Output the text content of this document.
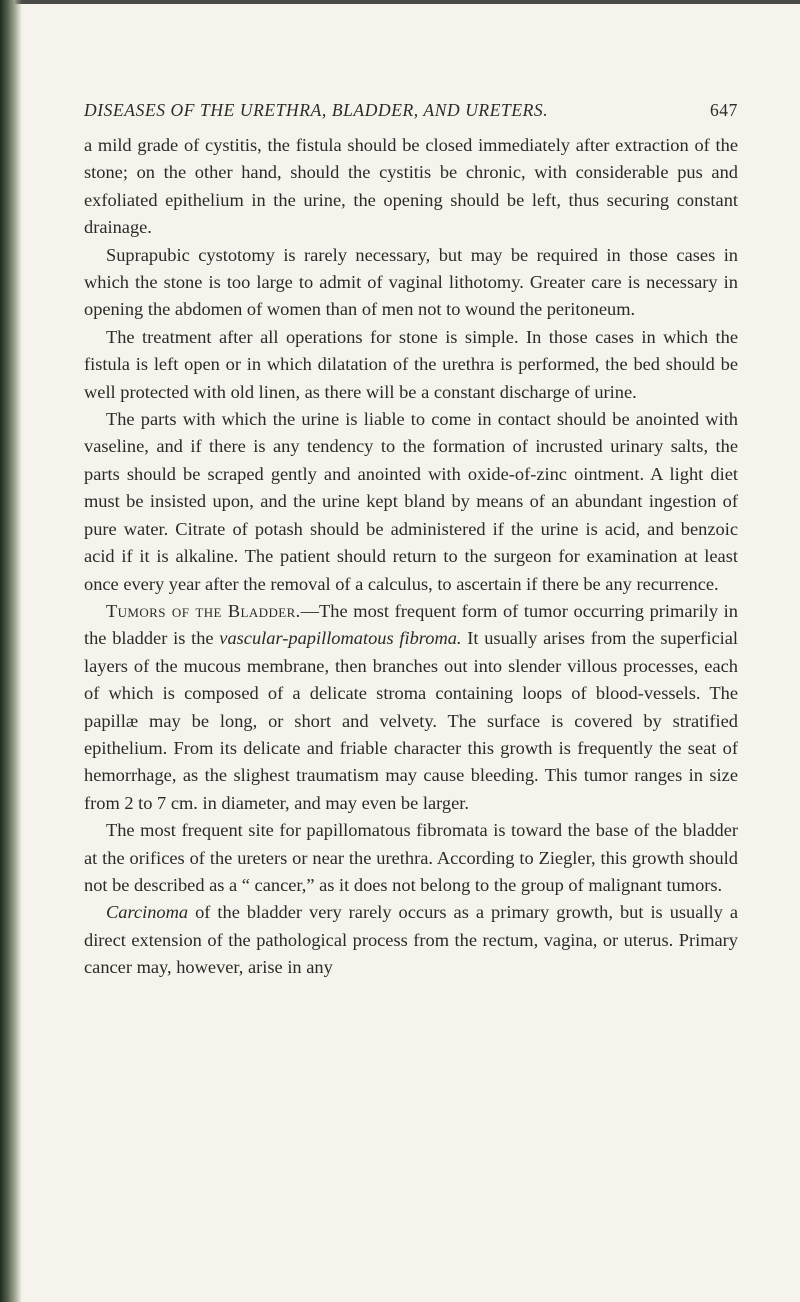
DISEASES OF THE URETHRA, BLADDER, AND URETERS.	647

a mild grade of cystitis, the fistula should be closed immediately after extraction of the stone; on the other hand, should the cystitis be chronic, with considerable pus and exfoliated epithelium in the urine, the opening should be left, thus securing constant drainage.

Suprapubic cystotomy is rarely necessary, but may be required in those cases in which the stone is too large to admit of vaginal lithotomy. Greater care is necessary in opening the abdomen of women than of men not to wound the peritoneum.

The treatment after all operations for stone is simple. In those cases in which the fistula is left open or in which dilatation of the urethra is performed, the bed should be well protected with old linen, as there will be a constant discharge of urine.

The parts with which the urine is liable to come in contact should be anointed with vaseline, and if there is any tendency to the formation of incrusted urinary salts, the parts should be scraped gently and anointed with oxide-of-zinc ointment. A light diet must be insisted upon, and the urine kept bland by means of an abundant ingestion of pure water. Citrate of potash should be administered if the urine is acid, and benzoic acid if it is alkaline. The patient should return to the surgeon for examination at least once every year after the removal of a calculus, to ascertain if there be any recurrence.

Tumors of the Bladder.—The most frequent form of tumor occurring primarily in the bladder is the vascular-papillomatous fibroma. It usually arises from the superficial layers of the mucous membrane, then branches out into slender villous processes, each of which is composed of a delicate stroma containing loops of blood-vessels. The papillæ may be long, or short and velvety. The surface is covered by stratified epithelium. From its delicate and friable character this growth is frequently the seat of hemorrhage, as the slighest traumatism may cause bleeding. This tumor ranges in size from 2 to 7 cm. in diameter, and may even be larger.

The most frequent site for papillomatous fibromata is toward the base of the bladder at the orifices of the ureters or near the urethra. According to Ziegler, this growth should not be described as a “ cancer,” as it does not belong to the group of malignant tumors.

Carcinoma of the bladder very rarely occurs as a primary growth, but is usually a direct extension of the pathological process from the rectum, vagina, or uterus. Primary cancer may, however, arise in any
